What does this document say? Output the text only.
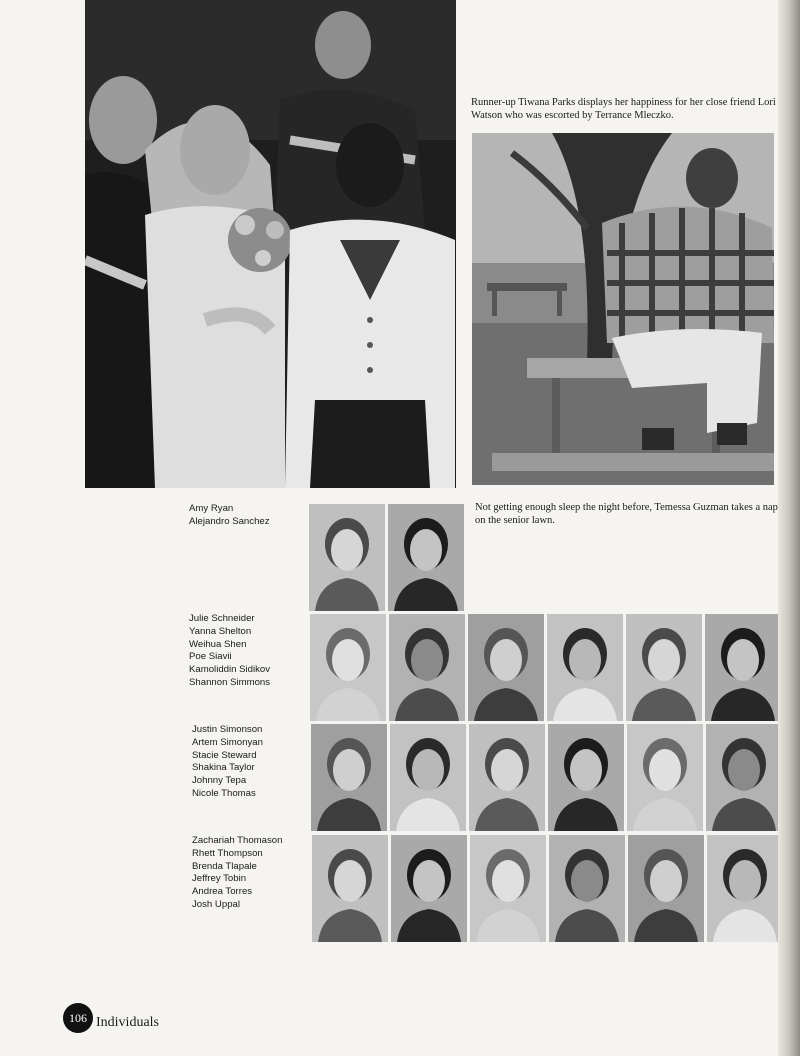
Runner-up Tiwana Parks displays her happiness for her close friend Lori Watson who was escorted by Terrance Mleczko.

Not getting enough sleep the night before, Temessa Guzman takes a nap on the senior lawn.

Amy Ryan
Alejandro Sanchez
Julie Schneider
Yanna Shelton
Weihua Shen
Poe Siavii
Kamoliddin Sidikov
Shannon Simmons
Justin Simonson
Artem Simonyan
Stacie Steward
Shakina Taylor
Johnny Tepa
Nicole Thomas
Zachariah Thomason
Rhett Thompson
Brenda Tlapale
Jeffrey Tobin
Andrea Torres
Josh Uppal
106 Individuals
